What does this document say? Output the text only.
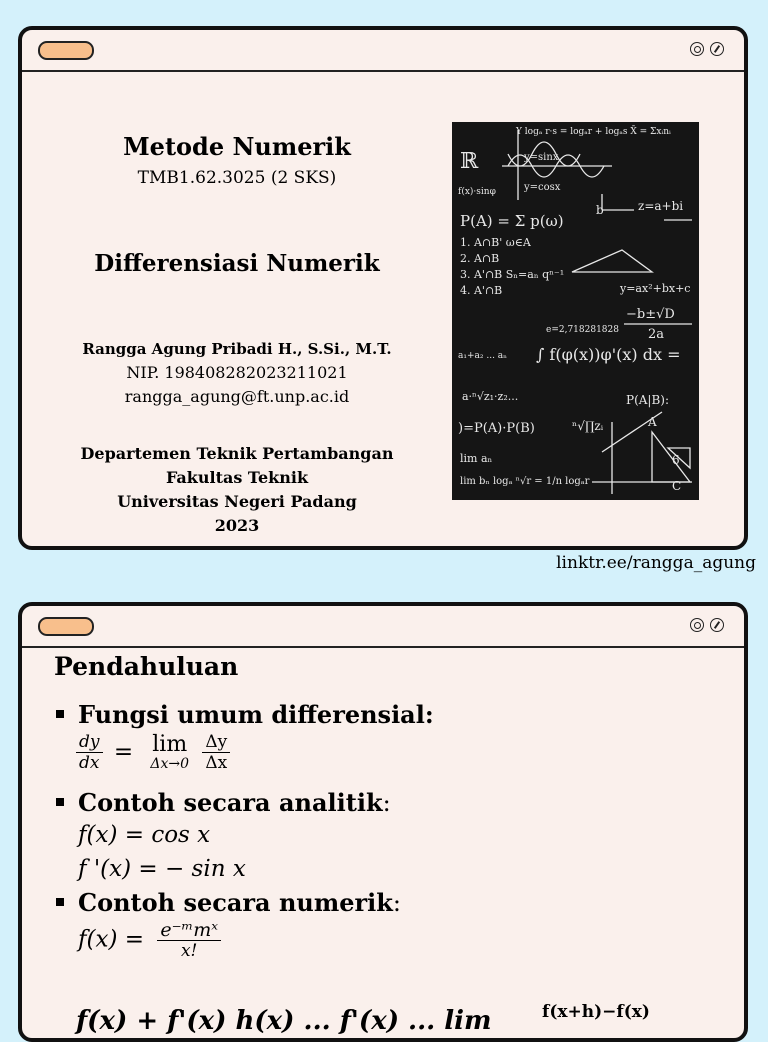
Metode Numerik
TMB1.62.3025 (2 SKS)
Differensiasi Numerik
Rangga Agung Pribadi H., S.Si., M.T.
NIP. 198408282023211021
rangga_agung@ft.unp.ac.id
Departemen Teknik Pertambangan
Fakultas Teknik
Universitas Negeri Padang
2023
ℝ
Y logₐ r·s = logₐr + logₐs X̄ = Σxᵢnᵢ
y=sinx
y=cosx
f(x)·sinφ
P(A) = Σ p(ω)
b	z=a+bi
1. A∩B' ω∈A
2. A∩B
3. A'∩B Sₙ=aₙ qⁿ⁻¹
4. A'∩B	y=ax²+bx+c
−b±√D
2a
e=2,718281828
∫ f(φ(x))φ'(x) dx =
a₁+a₂ ... aₙ
a·ⁿ√z₁·z₂...	P(A|B):
)=P(A)·P(B)	ⁿ√∏zᵢ
lim aₙ
lim bₙ logₐ ⁿ√r = 1/n logₐr
A
6
C
linktr.ee/rangga_agung
Pendahuluan
Fungsi umum differensial:
$\frac{dy}{dx} = \lim$
Δx→0
$\frac{\Delta y}{\Delta x}$
Contoh secara analitik:
f(x) = cos x
f '(x) = − sin x
Contoh secara numerik:
$f(x) = \frac{\text{e⁻ᵐmˣ}}{x!}$
f(x) + f'(x) h(x) ... f'(x) ... lim	f(x+h)−f(x)
